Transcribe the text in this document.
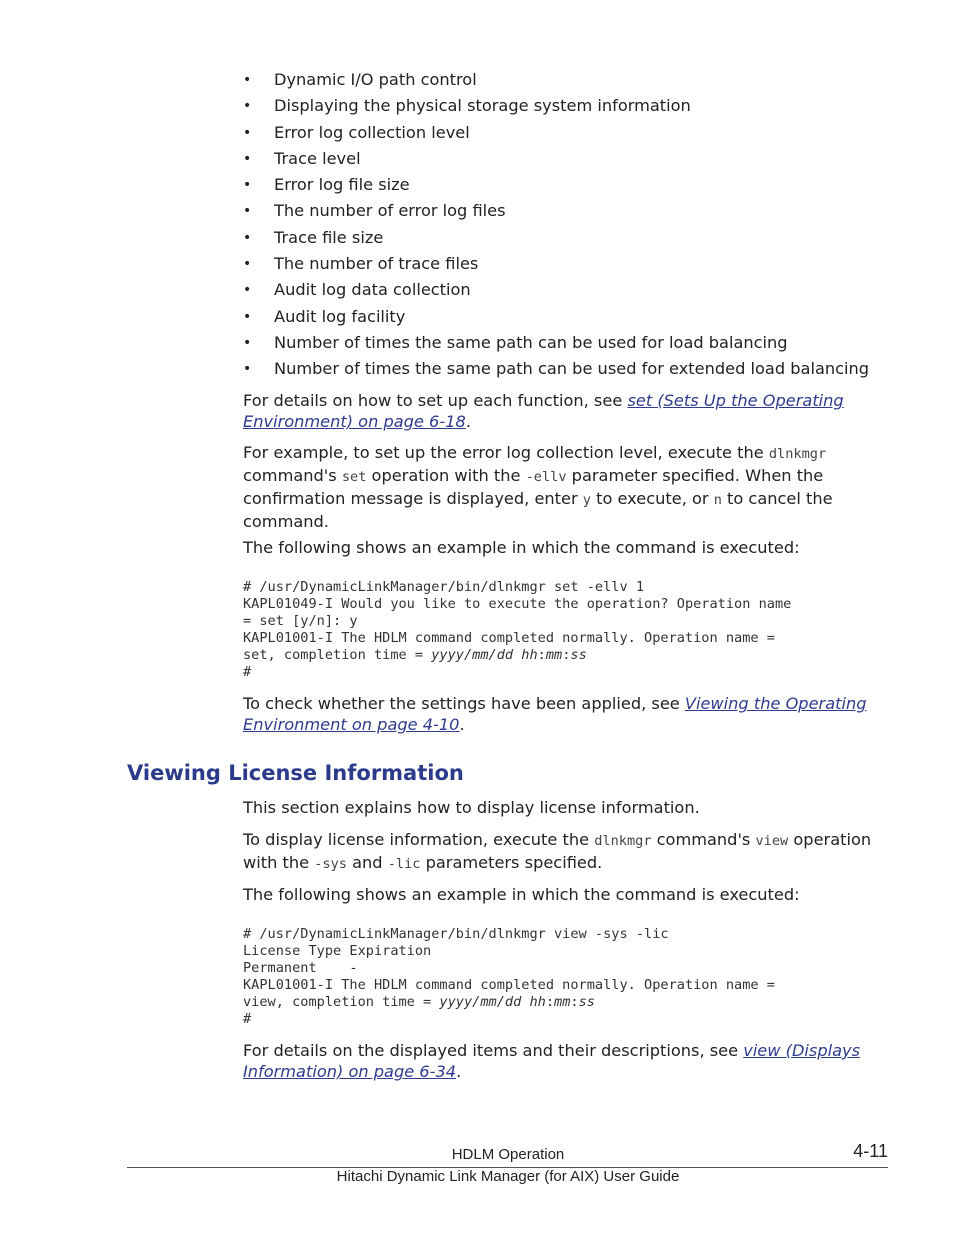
• Dynamic I/O path control
• Displaying the physical storage system information
• Error log collection level
• Trace level
• Error log file size
• The number of error log files
• Trace file size
• The number of trace files
• Audit log data collection
• Audit log facility
• Number of times the same path can be used for load balancing
• Number of times the same path can be used for extended load balancing

For details on how to set up each function, see set (Sets Up the Operating Environment) on page 6-18.

For example, to set up the error log collection level, execute the dlnkmgr command's set operation with the -ellv parameter specified. When the confirmation message is displayed, enter y to execute, or n to cancel the command.

The following shows an example in which the command is executed:

# /usr/DynamicLinkManager/bin/dlnkmgr set -ellv 1
KAPL01049-I Would you like to execute the operation? Operation name
= set [y/n]: y
KAPL01001-I The HDLM command completed normally. Operation name =
set, completion time = yyyy/mm/dd hh:mm:ss
#

To check whether the settings have been applied, see Viewing the Operating Environment on page 4-10.

Viewing License Information

This section explains how to display license information.

To display license information, execute the dlnkmgr command's view operation with the -sys and -lic parameters specified.

The following shows an example in which the command is executed:

# /usr/DynamicLinkManager/bin/dlnkmgr view -sys -lic
License Type Expiration
Permanent    -
KAPL01001-I The HDLM command completed normally. Operation name =
view, completion time = yyyy/mm/dd hh:mm:ss
#

For details on the displayed items and their descriptions, see view (Displays Information) on page 6-34.

HDLM Operation	4-11
Hitachi Dynamic Link Manager (for AIX) User Guide
